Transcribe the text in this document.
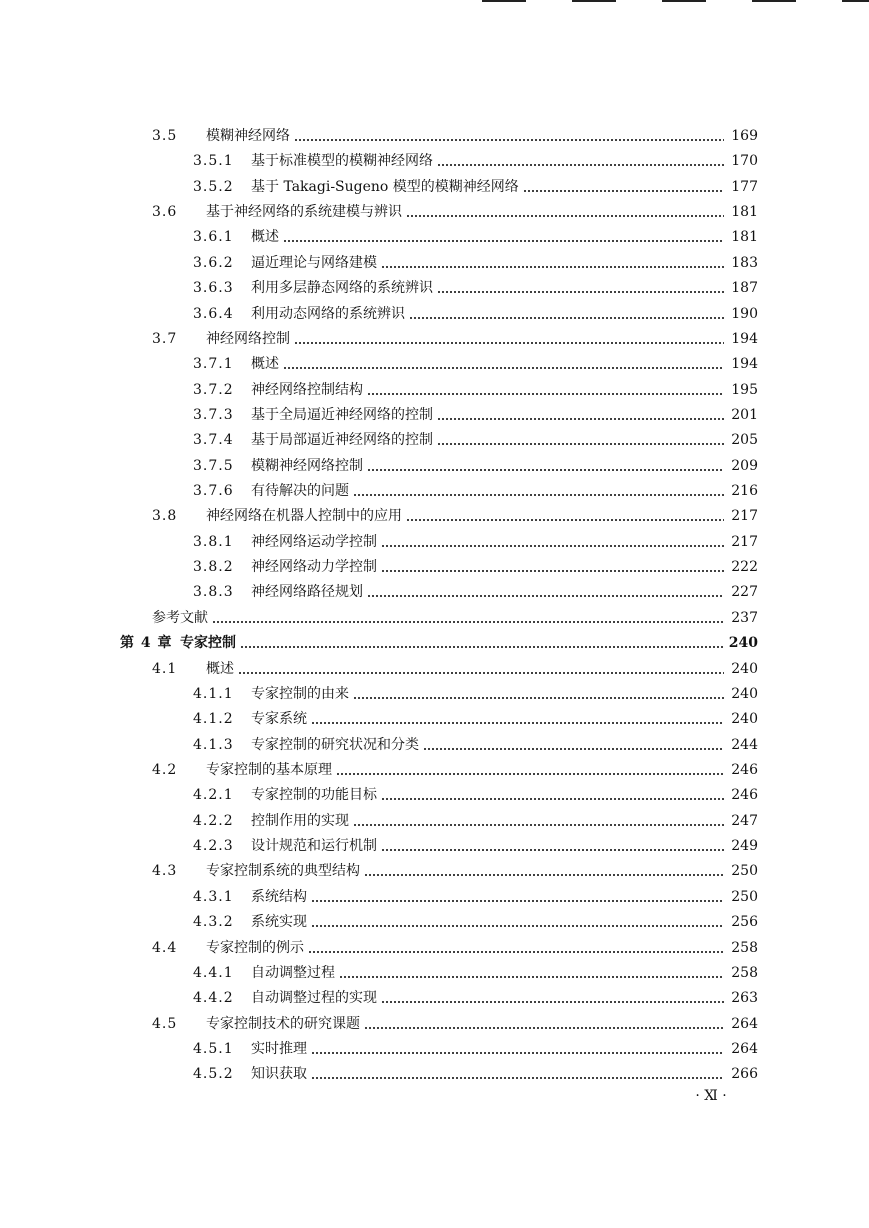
3.5	模糊神经网络	169
3.5.1	基于标准模型的模糊神经网络	170
3.5.2	基于 Takagi-Sugeno 模型的模糊神经网络	177
3.6	基于神经网络的系统建模与辨识	181
3.6.1	概述	181
3.6.2	逼近理论与网络建模	183
3.6.3	利用多层静态网络的系统辨识	187
3.6.4	利用动态网络的系统辨识	190
3.7	神经网络控制	194
3.7.1	概述	194
3.7.2	神经网络控制结构	195
3.7.3	基于全局逼近神经网络的控制	201
3.7.4	基于局部逼近神经网络的控制	205
3.7.5	模糊神经网络控制	209
3.7.6	有待解决的问题	216
3.8	神经网络在机器人控制中的应用	217
3.8.1	神经网络运动学控制	217
3.8.2	神经网络动力学控制	222
3.8.3	神经网络路径规划	227
参考文献	237
第 4 章 专家控制	240
4.1	概述	240
4.1.1	专家控制的由来	240
4.1.2	专家系统	240
4.1.3	专家控制的研究状况和分类	244
4.2	专家控制的基本原理	246
4.2.1	专家控制的功能目标	246
4.2.2	控制作用的实现	247
4.2.3	设计规范和运行机制	249
4.3	专家控制系统的典型结构	250
4.3.1	系统结构	250
4.3.2	系统实现	256
4.4	专家控制的例示	258
4.4.1	自动调整过程	258
4.4.2	自动调整过程的实现	263
4.5	专家控制技术的研究课题	264
4.5.1	实时推理	264
4.5.2	知识获取	266
· Ⅺ ·
